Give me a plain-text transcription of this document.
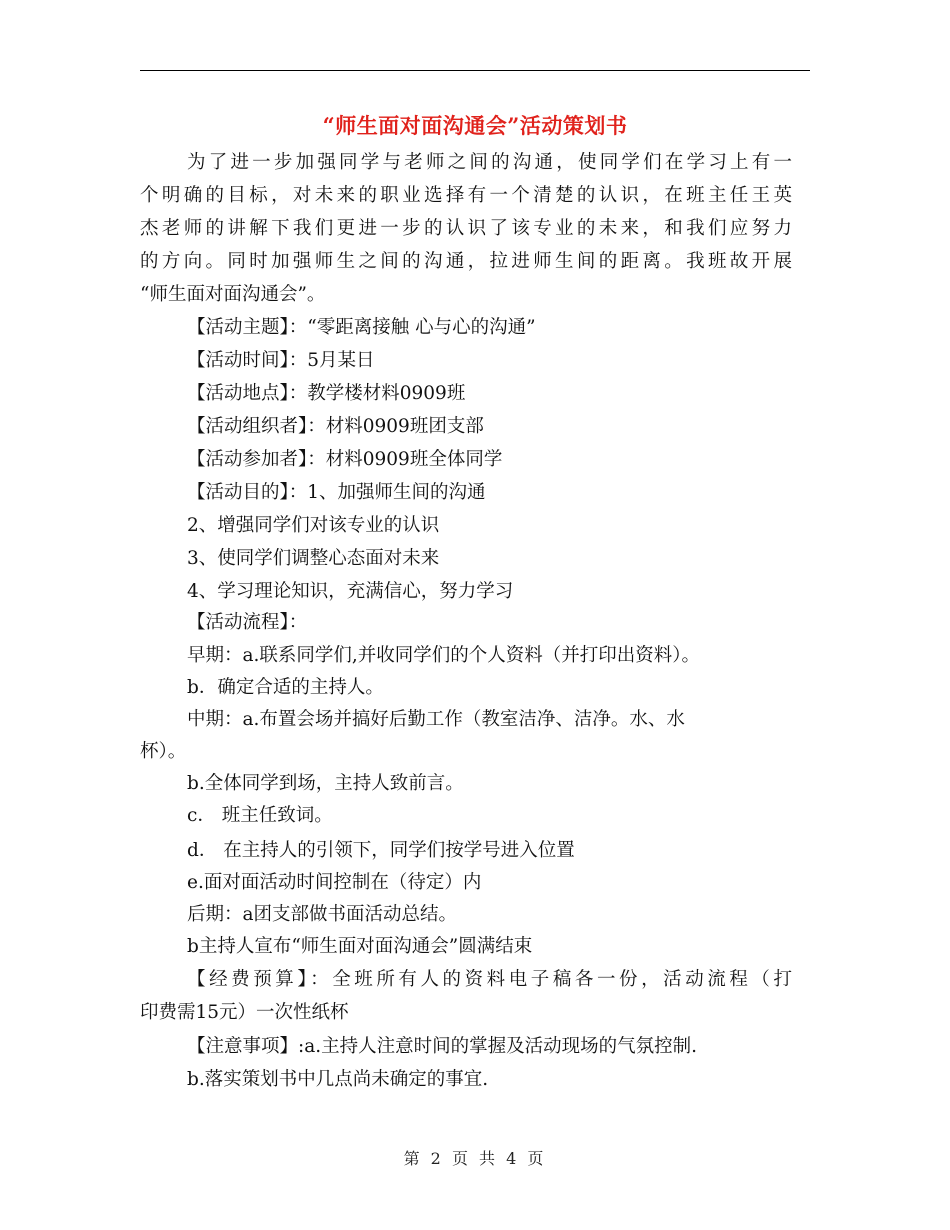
“师生面对面沟通会”活动策划书
为了进一步加强同学与老师之间的沟通，使同学们在学习上有一
个明确的目标，对未来的职业选择有一个清楚的认识，在班主任王英
杰老师的讲解下我们更进一步的认识了该专业的未来，和我们应努力
的方向。同时加强师生之间的沟通，拉进师生间的距离。我班故开展
“师生面对面沟通会”。
【活动主题】：“零距离接触 心与心的沟通”
【活动时间】：5月某日
【活动地点】：教学楼材料0909班
【活动组织者】：材料0909班团支部
【活动参加者】：材料0909班全体同学
【活动目的】：1、加强师生间的沟通
2、增强同学们对该专业的认识
3、使同学们调整心态面对未来
4、学习理论知识，充满信心，努力学习
【活动流程】：
早期：a.联系同学们,并收同学们的个人资料（并打印出资料）。
b．确定合适的主持人。
中期：a.布置会场并搞好后勤工作（教室洁净、洁净。水、水
杯）。
b.全体同学到场，主持人致前言。
c． 班主任致词。
d． 在主持人的引领下，同学们按学号进入位置
e.面对面活动时间控制在（待定）内
后期：a团支部做书面活动总结。
b主持人宣布“师生面对面沟通会”圆满结束
【经费预算】：全班所有人的资料电子稿各一份，活动流程（打
印费需15元）一次性纸杯
【注意事项】:a.主持人注意时间的掌握及活动现场的气氛控制.
b.落实策划书中几点尚未确定的事宜.
第 2 页 共 4 页
